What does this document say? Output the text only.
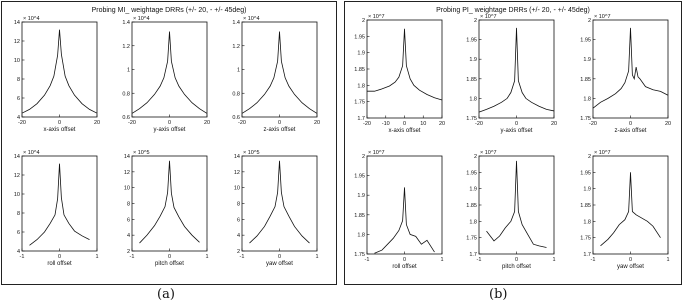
Probing MI_ weightage DRRs (+/- 20, - +/- 45deg)
-20	0	20
4
6
8
10
12
14
× 10^4
x-axis offset
-20	0	20
0.6
0.8
1
1.2
1.4
× 10^4
y-axis offset
-20	0	20
0.6
0.8
1
1.2
1.4
× 10^4
z-axis offset
-1	0	1
4
6
8
10
12
14
× 10^4
roll offset
-1	0	1
2
4
6
8
10
12
14
× 10^5
pitch offset
-1	0	1
2
4
6
8
10
12
14
× 10^5
yaw offset
Probing PI_ weightage DRRs (+/- 20, - +/- 45deg)
-20 -10 0	10 20
1.7
1.75
1.8
1.85
1.9
1.95
2
× 10^7
x-axis offset
-20	0	20
1.75
1.8
1.85
1.9
1.95
2
× 10^7
y-axis offset
-20	0	20
1.75
1.8
1.85
1.9
1.95
2
× 10^7
z-axis offset
-1	0	1
1.75
1.8
1.85
1.9
1.95
2
× 10^7
roll offset
-1	0	1
1.7
1.75
1.8
1.85
1.9
1.95
2
× 10^7
pitch offset
-1	0	1
1.7
1.75
1.8
1.85
1.9
1.95
2
× 10^7
yaw offset
(a)	(b)
